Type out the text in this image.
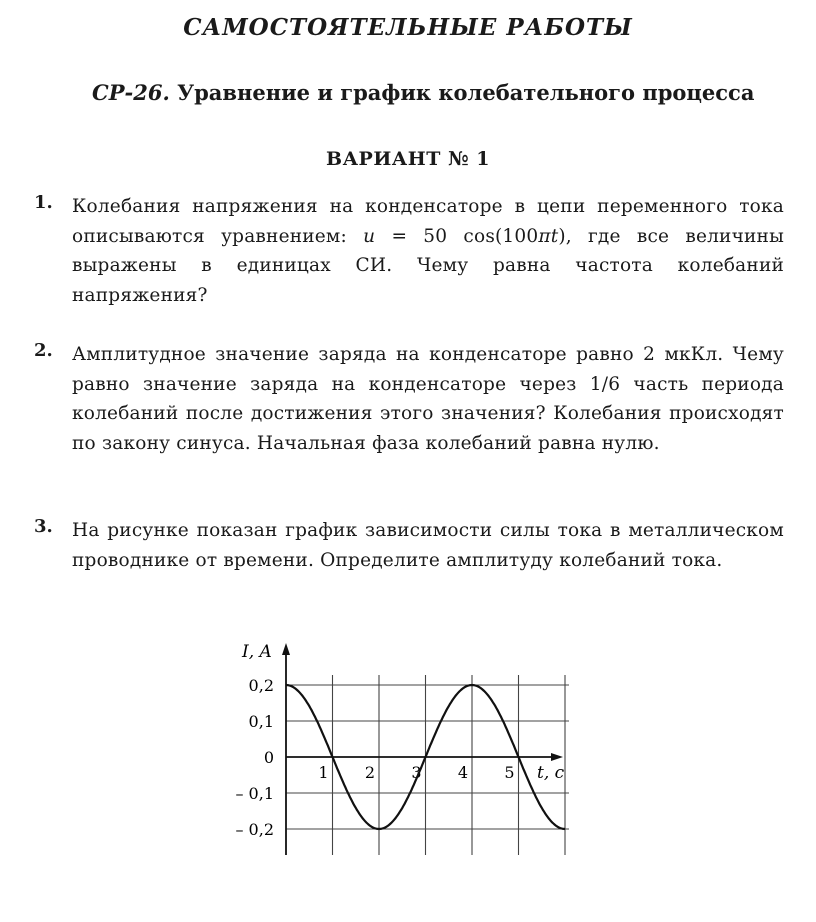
САМОСТОЯТЕЛЬНЫЕ РАБОТЫ
СР-26. Уравнение и график колебательного процесса
ВАРИАНТ № 1
1. Колебания напряжения на конденсаторе в цепи переменного тока описываются уравнением: u = 50 cos(100πt), где все величины выражены в единицах СИ. Чему равна частота колебаний напряжения?
2. Амплитудное значение заряда на конденсаторе равно 2 мкКл. Чему равно значение заряда на конденсаторе через 1/6 часть периода колебаний после достижения этого значения? Колебания происходят по закону синуса. Начальная фаза колебаний равна нулю.
3. На рисунке показан график зависимости силы тока в металлическом проводнике от времени. Определите амплитуду колебаний тока.
1 2 3 4 5
0,2
0,1
0
– 0,1
– 0,2
I, A
t, c
